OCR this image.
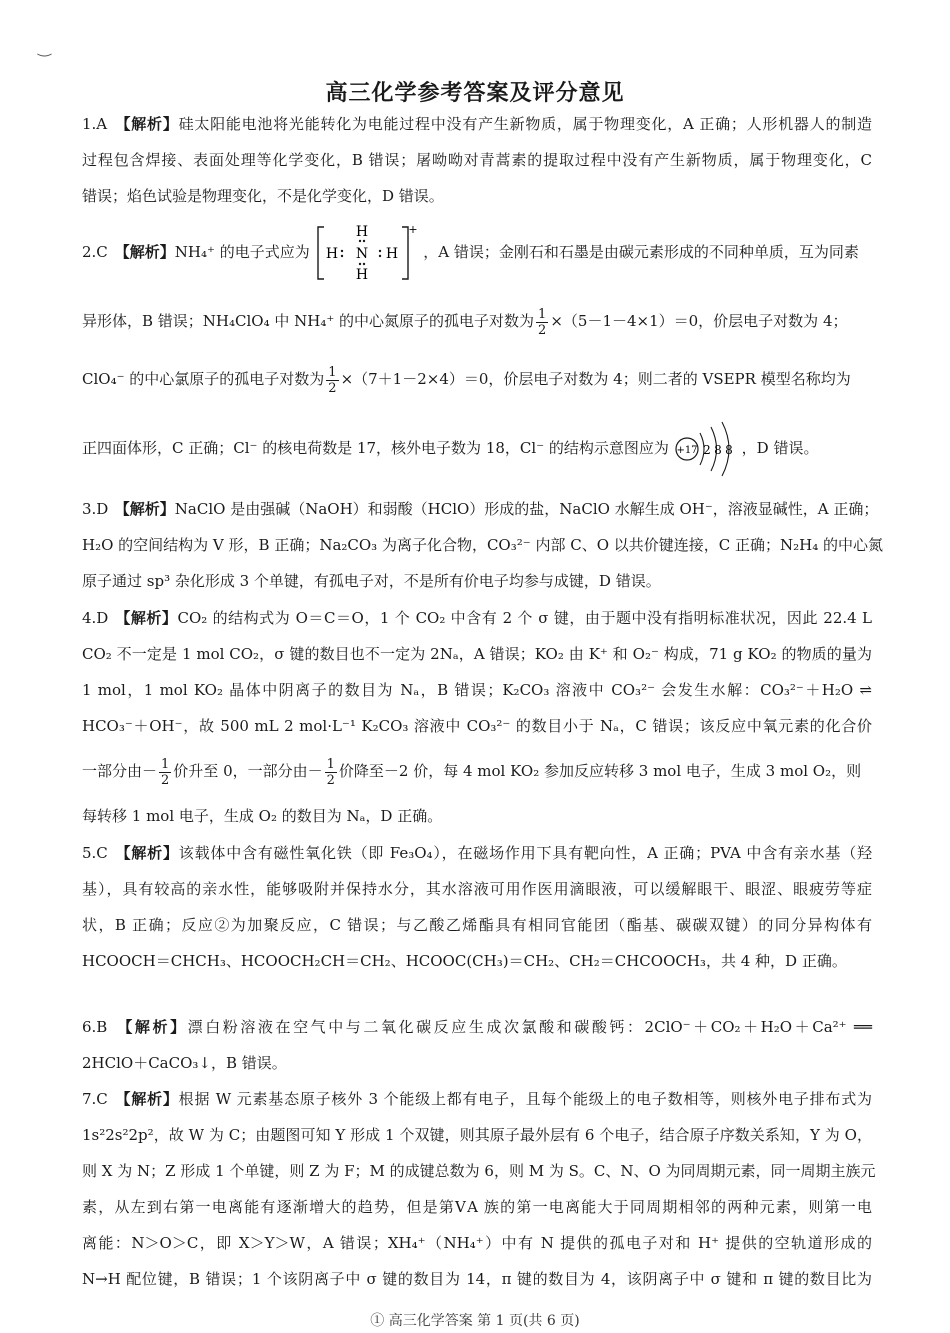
‿
高三化学参考答案及评分意见
1.A 【解析】硅太阳能电池将光能转化为电能过程中没有产生新物质，属于物理变化，A 正确；人形机器人的制造
过程包含焊接、表面处理等化学变化，B 错误；屠呦呦对青蒿素的提取过程中没有产生新物质，属于物理变化，C
错误；焰色试验是物理变化，不是化学变化，D 错误。
2.C 【解析】NH₄⁺ 的电子式应为
H
H N H
H
+
，A 错误；金刚石和石墨是由碳元素形成的不同种单质，互为同素
异形体，B 错误；NH₄ClO₄ 中 NH₄⁺ 的中心氮原子的孤电子对数为 $\frac{1}{2} \times(5-1-4\times 1)=0$，价层电子对数为 4；
ClO₄⁻ 的中心氯原子的孤电子对数为 $\frac{1}{2} \times(7+1-2\times 4)=0$，价层电子对数为 4；则二者的 VSEPR 模型名称均为
正四面体形，C 正确；Cl⁻ 的核电荷数是 17，核外电子数为 18，Cl⁻ 的结构示意图应为 +17 2 8 8 ，D 错误。
3.D 【解析】NaClO 是由强碱（NaOH）和弱酸（HClO）形成的盐，NaClO 水解生成 OH⁻，溶液显碱性，A 正确；
H₂O 的空间结构为 V 形，B 正确；Na₂CO₃ 为离子化合物，CO₃²⁻ 内部 C、O 以共价键连接，C 正确；N₂H₄ 的中心氮
原子通过 sp³ 杂化形成 3 个单键，有孤电子对，不是所有价电子均参与成键，D 错误。
4.D 【解析】CO₂ 的结构式为 O＝C＝O，1 个 CO₂ 中含有 2 个 σ 键，由于题中没有指明标准状况，因此 22.4 L
CO₂ 不一定是 1 mol CO₂，σ 键的数目也不一定为 2Nₐ，A 错误；KO₂ 由 K⁺ 和 O₂⁻ 构成，71 g KO₂ 的物质的量为
1 mol，1 mol KO₂ 晶体中阴离子的数目为 Nₐ，B 错误；K₂CO₃ 溶液中 CO₃²⁻ 会发生水解：CO₃²⁻＋H₂O ⇌
HCO₃⁻＋OH⁻，故 500 mL 2 mol·L⁻¹ K₂CO₃ 溶液中 CO₃²⁻ 的数目小于 Nₐ，C 错误；该反应中氧元素的化合价
一部分由－ $\frac{1}{2}$ 价升至 0，一部分由－ $\frac{1}{2}$ 价降至－2 价，每 4 mol KO₂ 参加反应转移 3 mol 电子，生成 3 mol O₂，则
每转移 1 mol 电子，生成 O₂ 的数目为 Nₐ，D 正确。
5.C 【解析】该载体中含有磁性氧化铁（即 Fe₃O₄），在磁场作用下具有靶向性，A 正确；PVA 中含有亲水基（羟
基），具有较高的亲水性，能够吸附并保持水分，其水溶液可用作医用滴眼液，可以缓解眼干、眼涩、眼疲劳等症
状，B 正确；反应②为加聚反应，C 错误；与乙酸乙烯酯具有相同官能团（酯基、碳碳双键）的同分异构体有
HCOOCH＝CHCH₃、HCOOCH₂CH＝CH₂、HCOOC(CH₃)＝CH₂、CH₂＝CHCOOCH₃，共 4 种，D 正确。
6.B 【解析】漂白粉溶液在空气中与二氧化碳反应生成次氯酸和碳酸钙：2ClO⁻＋CO₂＋H₂O＋Ca²⁺ ══
2HClO＋CaCO₃↓，B 错误。
7.C 【解析】根据 W 元素基态原子核外 3 个能级上都有电子，且每个能级上的电子数相等，则核外电子排布式为
1s²2s²2p²，故 W 为 C；由题图可知 Y 形成 1 个双键，则其原子最外层有 6 个电子，结合原子序数关系知，Y 为 O，
则 X 为 N；Z 形成 1 个单键，则 Z 为 F；M 的成键总数为 6，则 M 为 S。C、N、O 为同周期元素，同一周期主族元
素，从左到右第一电离能有逐渐增大的趋势，但是第ⅤA 族的第一电离能大于同周期相邻的两种元素，则第一电
离能：N＞O＞C，即 X＞Y＞W，A 错误；XH₄⁺（NH₄⁺）中有 N 提供的孤电子对和 H⁺ 提供的空轨道形成的
N→H 配位键，B 错误；1 个该阴离子中 σ 键的数目为 14，π 键的数目为 4，该阴离子中 σ 键和 π 键的数目比为
① 高三化学答案 第 1 页(共 6 页)
